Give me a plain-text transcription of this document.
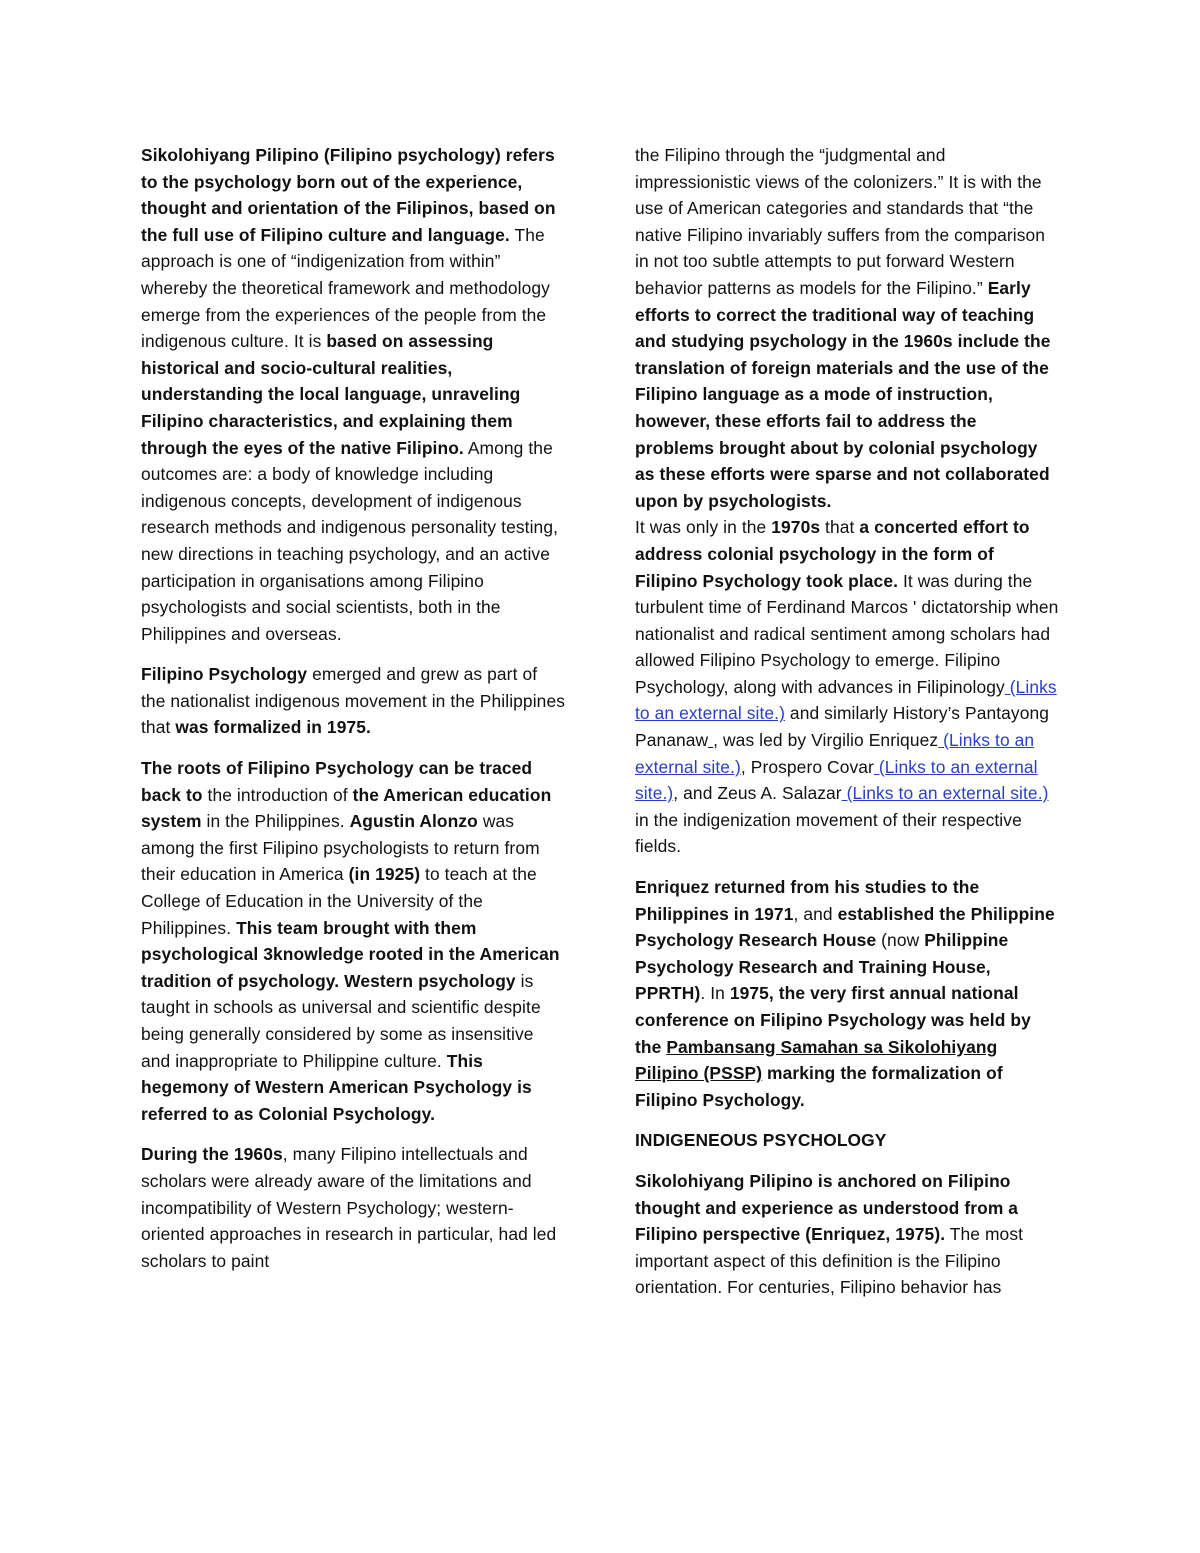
Sikolohiyang Pilipino (Filipino psychology) refers to the psychology born out of the experience, thought and orientation of the Filipinos, based on the full use of Filipino culture and language. The approach is one of “indigenization from within” whereby the theoretical framework and methodology emerge from the experiences of the people from the indigenous culture. It is based on assessing historical and socio-cultural realities, understanding the local language, unraveling Filipino characteristics, and explaining them through the eyes of the native Filipino. Among the outcomes are: a body of knowledge including indigenous concepts, development of indigenous research methods and indigenous personality testing, new directions in teaching psychology, and an active participation in organisations among Filipino psychologists and social scientists, both in the Philippines and overseas.

Filipino Psychology emerged and grew as part of the nationalist indigenous movement in the Philippines that was formalized in 1975.

The roots of Filipino Psychology can be traced back to the introduction of the American education system in the Philippines. Agustin Alonzo was among the first Filipino psychologists to return from their education in America (in 1925) to teach at the College of Education in the University of the Philippines. This team brought with them psychological 3knowledge rooted in the American tradition of psychology. Western psychology is taught in schools as universal and scientific despite being generally considered by some as insensitive and inappropriate to Philippine culture. This hegemony of Western American Psychology is referred to as Colonial Psychology.

During the 1960s, many Filipino intellectuals and scholars were already aware of the limitations and incompatibility of Western Psychology; western-oriented approaches in research in particular, had led scholars to paint

the Filipino through the “judgmental and impressionistic views of the colonizers.” It is with the use of American categories and standards that “the native Filipino invariably suffers from the comparison in not too subtle attempts to put forward Western behavior patterns as models for the Filipino.” Early efforts to correct the traditional way of teaching and studying psychology in the 1960s include the translation of foreign materials and the use of the Filipino language as a mode of instruction, however, these efforts fail to address the problems brought about by colonial psychology as these efforts were sparse and not collaborated upon by psychologists.

It was only in the 1970s that a concerted effort to address colonial psychology in the form of Filipino Psychology took place. It was during the turbulent time of Ferdinand Marcos ' dictatorship when nationalist and radical sentiment among scholars had allowed Filipino Psychology to emerge. Filipino Psychology, along with advances in Filipinology (Links to an external site.) and similarly History’s Pantayong Pananaw , was led by Virgilio Enriquez (Links to an external site.), Prospero Covar (Links to an external site.), and Zeus A. Salazar (Links to an external site.) in the indigenization movement of their respective fields.

Enriquez returned from his studies to the Philippines in 1971, and established the Philippine Psychology Research House (now Philippine Psychology Research and Training House, PPRTH). In 1975, the very first annual national conference on Filipino Psychology was held by the Pambansang Samahan sa Sikolohiyang Pilipino (PSSP) marking the formalization of Filipino Psychology.

INDIGENEOUS PSYCHOLOGY

Sikolohiyang Pilipino is anchored on Filipino thought and experience as understood from a Filipino perspective (Enriquez, 1975). The most important aspect of this definition is the Filipino orientation. For centuries, Filipino behavior has
